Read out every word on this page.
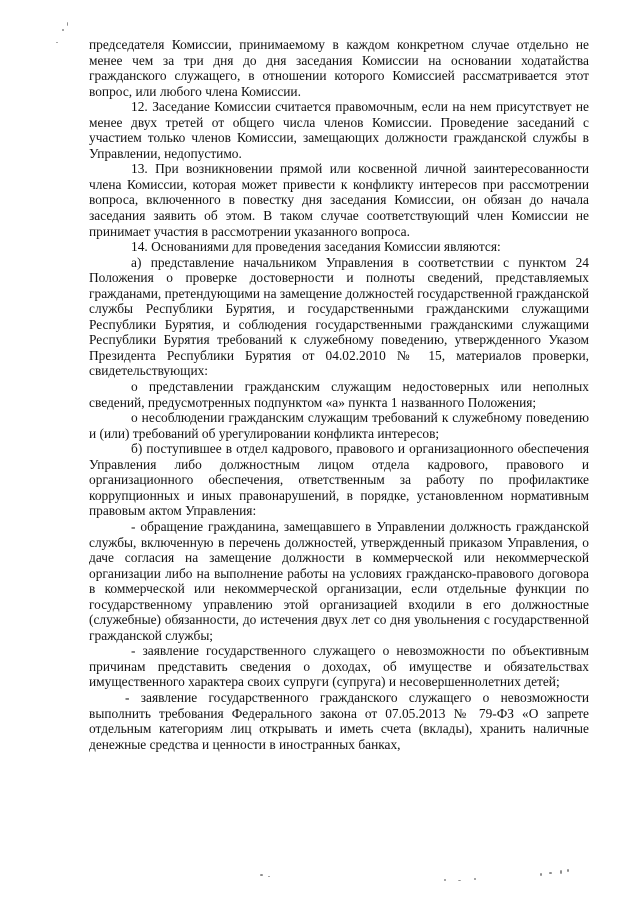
председателя Комиссии, принимаемому в каждом конкретном случае отдельно не менее чем за три дня до дня заседания Комиссии на основании ходатайства гражданского служащего, в отношении которого Комиссией рассматривается этот вопрос, или любого члена Комиссии.

12. Заседание Комиссии считается правомочным, если на нем присутствует не менее двух третей от общего числа членов Комиссии. Проведение заседаний с участием только членов Комиссии, замещающих должности гражданской службы в Управлении, недопустимо.

13. При возникновении прямой или косвенной личной заинтересованности члена Комиссии, которая может привести к конфликту интересов при рассмотрении вопроса, включенного в повестку дня заседания Комиссии, он обязан до начала заседания заявить об этом. В таком случае соответствующий член Комиссии не принимает участия в рассмотрении указанного вопроса.

14. Основаниями для проведения заседания Комиссии являются:

а) представление начальником Управления в соответствии с пунктом 24 Положения о проверке достоверности и полноты сведений, представляемых гражданами, претендующими на замещение должностей государственной гражданской службы Республики Бурятия, и государственными гражданскими служащими Республики Бурятия, и соблюдения государственными гражданскими служащими Республики Бурятия требований к служебному поведению, утвержденного Указом Президента Республики Бурятия от 04.02.2010 № 15, материалов проверки, свидетельствующих:

о представлении гражданским служащим недостоверных или неполных сведений, предусмотренных подпунктом «а» пункта 1 названного Положения;

о несоблюдении гражданским служащим требований к служебному поведению и (или) требований об урегулировании конфликта интересов;

б) поступившее в отдел кадрового, правового и организационного обеспечения Управления либо должностным лицом отдела кадрового, правового и организационного обеспечения, ответственным за работу по профилактике коррупционных и иных правонарушений, в порядке, установленном нормативным правовым актом Управления:

- обращение гражданина, замещавшего в Управлении должность гражданской службы, включенную в перечень должностей, утвержденный приказом Управления, о даче согласия на замещение должности в коммерческой или некоммерческой организации либо на выполнение работы на условиях гражданско-правового договора в коммерческой или некоммерческой организации, если отдельные функции по государственному управлению этой организацией входили в его должностные (служебные) обязанности, до истечения двух лет со дня увольнения с государственной гражданской службы;

- заявление государственного служащего о невозможности по объективным причинам представить сведения о доходах, об имуществе и обязательствах имущественного характера своих супруги (супруга) и несовершеннолетних детей;

- заявление государственного гражданского служащего о невозможности выполнить требования Федерального закона от 07.05.2013 № 79-ФЗ «О запрете отдельным категориям лиц открывать и иметь счета (вклады), хранить наличные денежные средства и ценности в иностранных банках,
